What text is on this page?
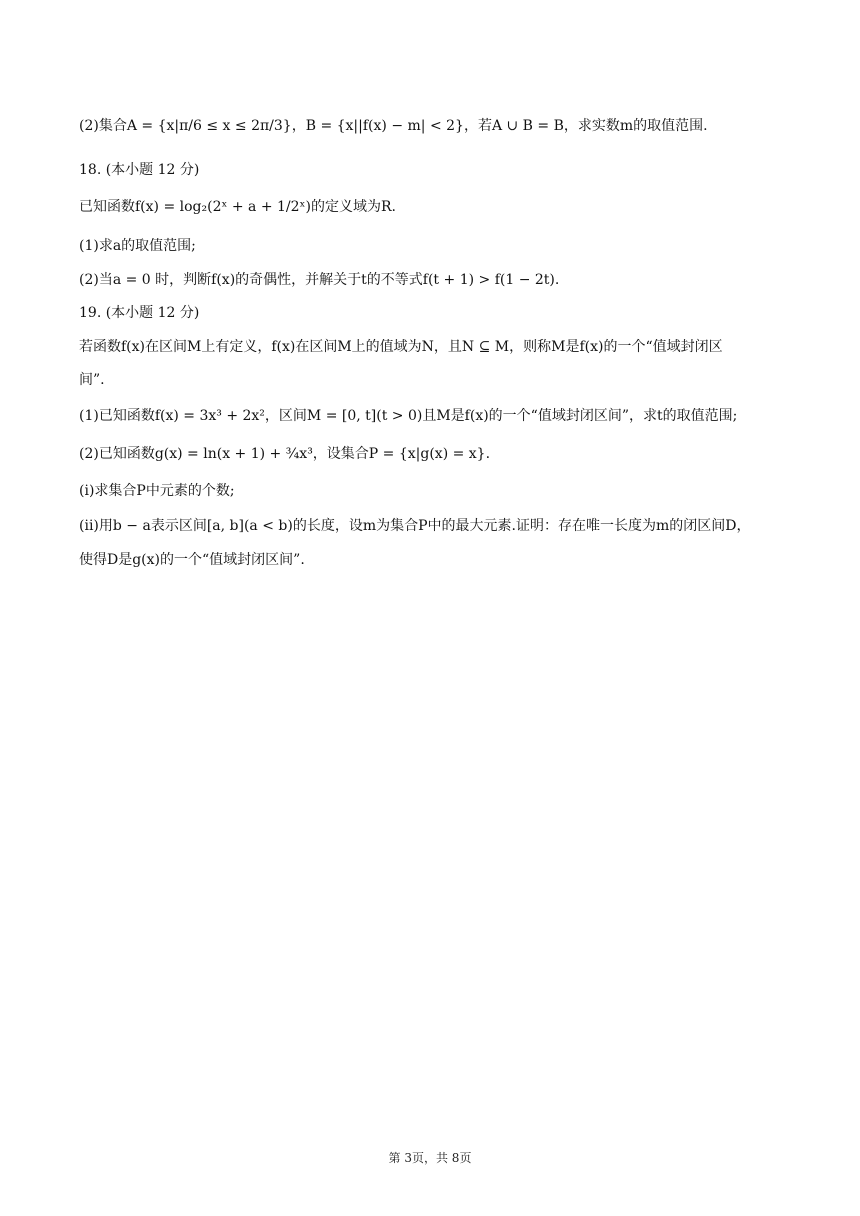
(2)集合A = {x|π/6 ≤ x ≤ 2π/3}，B = {x||f(x) − m| < 2}，若A ∪ B = B，求实数m的取值范围.
18. (本小题 12 分)
已知函数f(x) = log₂(2ˣ + a + 1/2ˣ)的定义域为R.
(1)求a的取值范围;
(2)当a = 0 时，判断f(x)的奇偶性，并解关于t的不等式f(t + 1) > f(1 − 2t).
19. (本小题 12 分)
若函数f(x)在区间M上有定义，f(x)在区间M上的值域为N，且N ⊆ M，则称M是f(x)的一个“值域封闭区
间”.
(1)已知函数f(x) = 3x³ + 2x²，区间M = [0, t](t > 0)且M是f(x)的一个“值域封闭区间”，求t的取值范围;
(2)已知函数g(x) = ln(x + 1) + ¾x³，设集合P = {x|g(x) = x}.
(i)求集合P中元素的个数;
(ii)用b − a表示区间[a, b](a < b)的长度，设m为集合P中的最大元素.证明：存在唯一长度为m的闭区间D，
使得D是g(x)的一个“值域封闭区间”.
第 3页，共 8页
